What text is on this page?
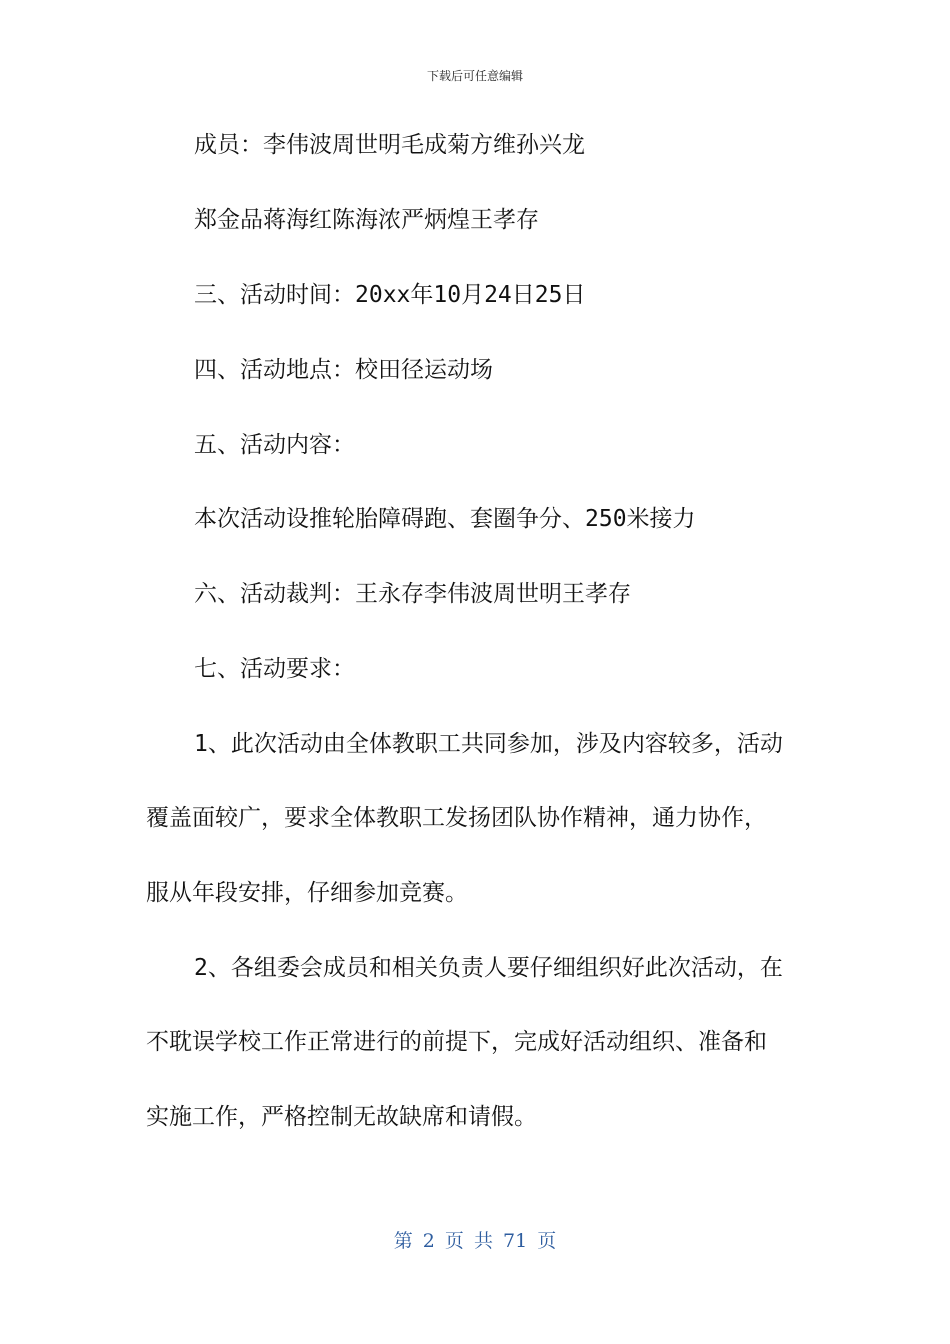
下载后可任意编辑
成员：李伟波周世明毛成菊方维孙兴龙
郑金品蒋海红陈海浓严炳煌王孝存
三、活动时间：20xx年10月24日25日
四、活动地点：校田径运动场
五、活动内容：
本次活动设推轮胎障碍跑、套圈争分、250米接力
六、活动裁判：王永存李伟波周世明王孝存
七、活动要求：
1、此次活动由全体教职工共同参加，涉及内容较多，活动
覆盖面较广，要求全体教职工发扬团队协作精神，通力协作，
服从年段安排，仔细参加竞赛。
2、各组委会成员和相关负责人要仔细组织好此次活动，在
不耽误学校工作正常进行的前提下，完成好活动组织、准备和
实施工作，严格控制无故缺席和请假。
第 2 页 共 71 页
